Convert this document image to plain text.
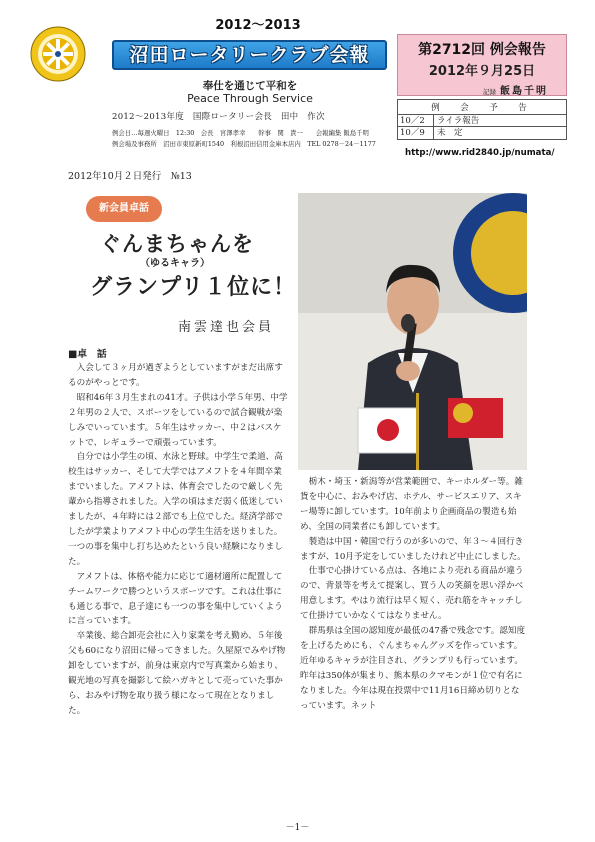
2012～2013
沼田ロータリークラブ会報
奉仕を通じて平和を
Peace Through Service
2012～2013年度　国際ロータリー会長　田中　作次
例会日…毎週火曜日　12:30　会長　宮澤孝幸　　幹事　関　貴一　　会報編集 飯島千明
例会場及事務所　沼田市東原新町1540　利根沼田信用金庫本店内　TEL 0278－24－1177
第2712回 例会報告
2012年９月25日
記録 飯島千明
例　会　予　告
10／2	ライラ報告
10／9	未　定
http://www.rid2840.jp/numata/
2012年10月２日発行　№13
新会員卓話
ぐんまちゃんを
（ゆるキャラ）
グランプリ１位に！
南雲達也会員
■卓　話

入会して３ヶ月が過ぎようとしていますがまだ出席するのがやっとです。

昭和46年３月生まれの41才。子供は小学５年男、中学２年男の２人で、スポーツをしているので試合観戦が楽しみでいっています。５年生はサッカー、中２はバスケットで、レギュラーで頑張っています。

自分では小学生の頃、水泳と野球。中学生で柔道、高校生はサッカー、そして大学ではアメフトを４年間卒業までいました。アメフトは、体育会でしたので厳しく先輩から指導されました。入学の頃はまだ弱く低迷していましたが、４年時には２部でも上位でした。経済学部でしたが学業よりアメフト中心の学生生活を送りました。一つの事を集中し打ち込めたという良い経験になりました。

アメフトは、体格や能力に応じて適材適所に配置してチームワークで勝つというスポーツです。これは仕事にも通じる事で、息子達にも一つの事を集中していくように言っています。

卒業後、総合卸売会社に入り家業を考え勤め、５年後父も60になり沼田に帰ってきました。久屋原でみやげ物卸をしていますが、前身は東京内で写真業から始まり、観光地の写真を撮影して絵ハガキとして売っていた事から、おみやげ物を取り扱う様になって現在となりました。

栃木・埼玉・新潟等が営業範囲で、キーホルダー等。雑貨を中心に、おみやげ店、ホテル、サービスエリア、スキー場等に卸しています。10年前より企画商品の製造も始め、全国の同業者にも卸しています。

製造は中国・韓国で行うのが多いので、年３～４回行きますが、10月予定をしていましたけれど中止にしました。

仕事で心掛けている点は、各地により売れる商品が違うので、背景等を考えて提案し、買う人の笑顔を思い浮かべ用意します。やはり流行は早く短く、売れ筋をキャッチして仕掛けていかなくてはなりません。

群馬県は全国の認知度が最低の47番で残念です。認知度を上げるためにも、ぐんまちゃんグッズを作っています。近年ゆるキャラが注目され、グランプリも行っています。昨年は350体が集まり、熊本県のクマモンが１位で有名になりました。今年は現在投票中で11月16日締め切りとなっています。ネット

－1－
